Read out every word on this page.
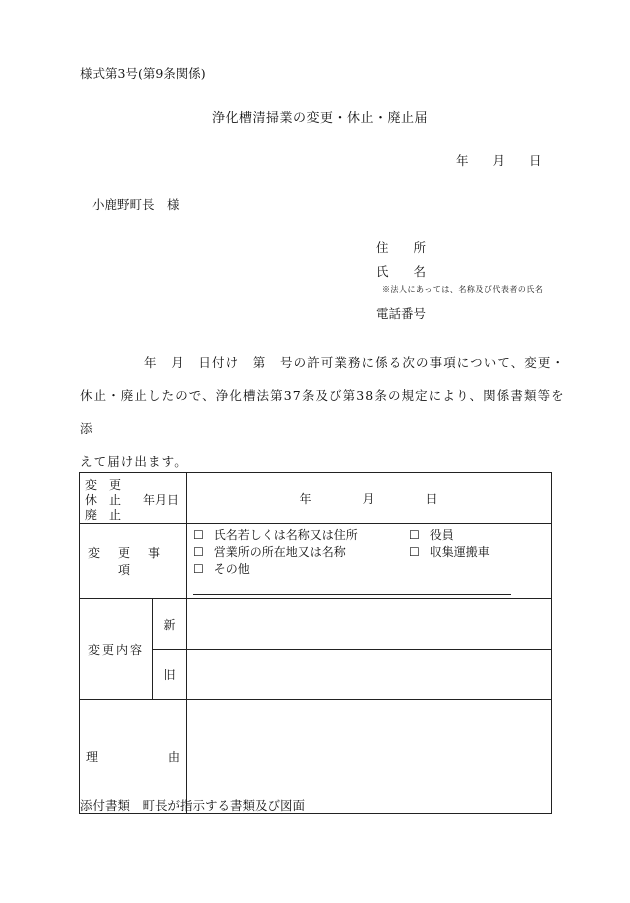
様式第3号(第9条関係)
浄化槽清掃業の変更・休止・廃止届
年 月 日
小鹿野町長　様
住　　所
氏　　名
※法人にあっては、名称及び代表者の氏名
電話番号
年　月　日付け　第　号の許可業務に係る次の事項について、変更・
休止・廃止したので、浄化槽法第37条及び第38条の規定により、関係書類等を添
えて届け出ます。
変　更
休　止
廃　止
年月日		年 月 日
変更事項		☐ 氏名若しくは名称又は住所 ☐ 役員
☐ 営業所の所在地又は名称 ☐ 収集運搬車
☐ その他

変更内容	新	
	旧	

理 由		

添付書類　町長が指示する書類及び図面
